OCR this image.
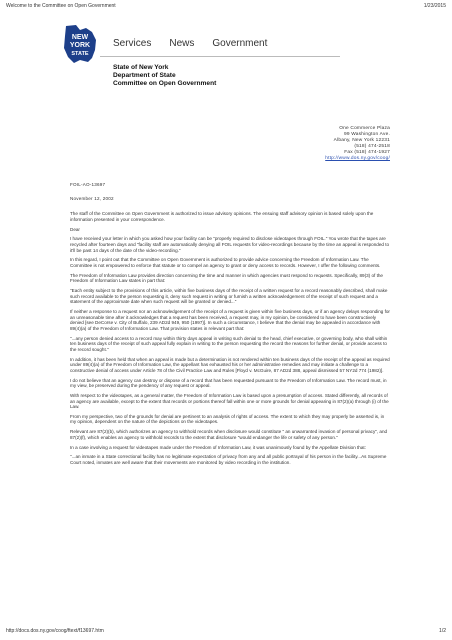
Welcome to the Committee on Open Government	1/23/2015
NEW
YORK
STATE
Services News Government
State of New York
Department of State
Committee on Open Government
One Commerce Plaza
99 Washington Ave.
Albany, New York 12231
(518) 474-2518
Fax (518) 474-1927
http://www.dos.ny.gov/coog/

FOIL-AO-13697

November 12, 2002

The staff of the Committee on Open Government is authorized to issue advisory opinions. The ensuing staff advisory opinion is based solely upon the information presented in your correspondence.

Dear

I have received your letter in which you asked how your facility can be "properly required to disclose videotapes through FOIL." You wrote that the tapes are recycled after fourteen days and "facility staff are automatically denying all FOIL requests for video-recordings because by the time an appeal is responded to it'll be past 14 days of the date of the video-recording."

In this regard, I point out that the Committee on Open Government is authorized to provide advice concerning the Freedom of Information Law. The Committee is not empowered to enforce that statute or to compel an agency to grant or deny access to records. However, I offer the following comments.

The Freedom of Information Law provides direction concerning the time and manner in which agencies must respond to requests. Specifically, 89(3) of the Freedom of Information Law states in part that:

"Each entity subject to the provisions of this article, within five business days of the receipt of a written request for a record reasonably described, shall make such record available to the person requesting it, deny such request in writing or furnish a written acknowledgement of the receipt of such request and a statement of the approximate date when such request will be granted or denied..."

If neither a response to a request nor an acknowledgement of the receipt of a request is given within five business days, or if an agency delays responding for an unreasonable time after it acknowledges that a request has been received, a request may, in my opinion, be considered to have been constructively denied [see DeCorse v. City of Buffalo, 239 AD2d 949, 950 (1997)]. In such a circumstance, I believe that the denial may be appealed in accordance with 89(4)(a) of the Freedom of Information Law. That provision states in relevant part that:

"...any person denied access to a record may within thirty days appeal in writing such denial to the head, chief executive, or governing body, who shall within ten business days of the receipt of such appeal fully explain in writing to the person requesting the record the reasons for further denial, or provide access to the record sought."

In addition, it has been held that when an appeal is made but a determination is not rendered within ten business days of the receipt of the appeal as required under 89(4)(a) of the Freedom of Information Law, the appellant has exhausted his or her administrative remedies and may initiate a challenge to a constructive denial of access under Article 78 of the Civil Practice Law and Rules [Floyd v. McGuire, 87 AD2d 388, appeal dismissed 57 NY2d 774 (1982)].

I do not believe that an agency can destroy or dispose of a record that has been requested pursuant to the Freedom of Information Law. The record must, in my view, be preserved during the pendency of any request or appeal.

With respect to the videotapes, as a general matter, the Freedom of Information Law is based upon a presumption of access. Stated differently, all records of an agency are available, except to the extent that records or portions thereof fall within one or more grounds for denial appearing in 87(2)(a) through (i) of the Law.

From my perspective, two of the grounds for denial are pertinent to an analysis of rights of access. The extent to which they may properly be asserted is, in my opinion, dependent on the nature of the depictions on the videotapes.

Relevant are 87(2)(b), which authorizes an agency to withhold records when disclosure would constitute " an unwarranted invasion of personal privacy", and 87(2)(f), which enables an agency to withhold records to the extent that disclosure "would endanger the life or safety of any person."

In a case involving a request for videotapes made under the Freedom of Information Law, it was unanimously found by the Appellate Division that:

"...an inmate in a State correctional facility has no legitimate expectation of privacy from any and all public portrayal of his person in the facility...As Supreme Court noted, inmates are well aware that their movements are monitored by video recording in the institution.

http://docs.dos.ny.gov/coog/ftext/f13697.htm	1/2
